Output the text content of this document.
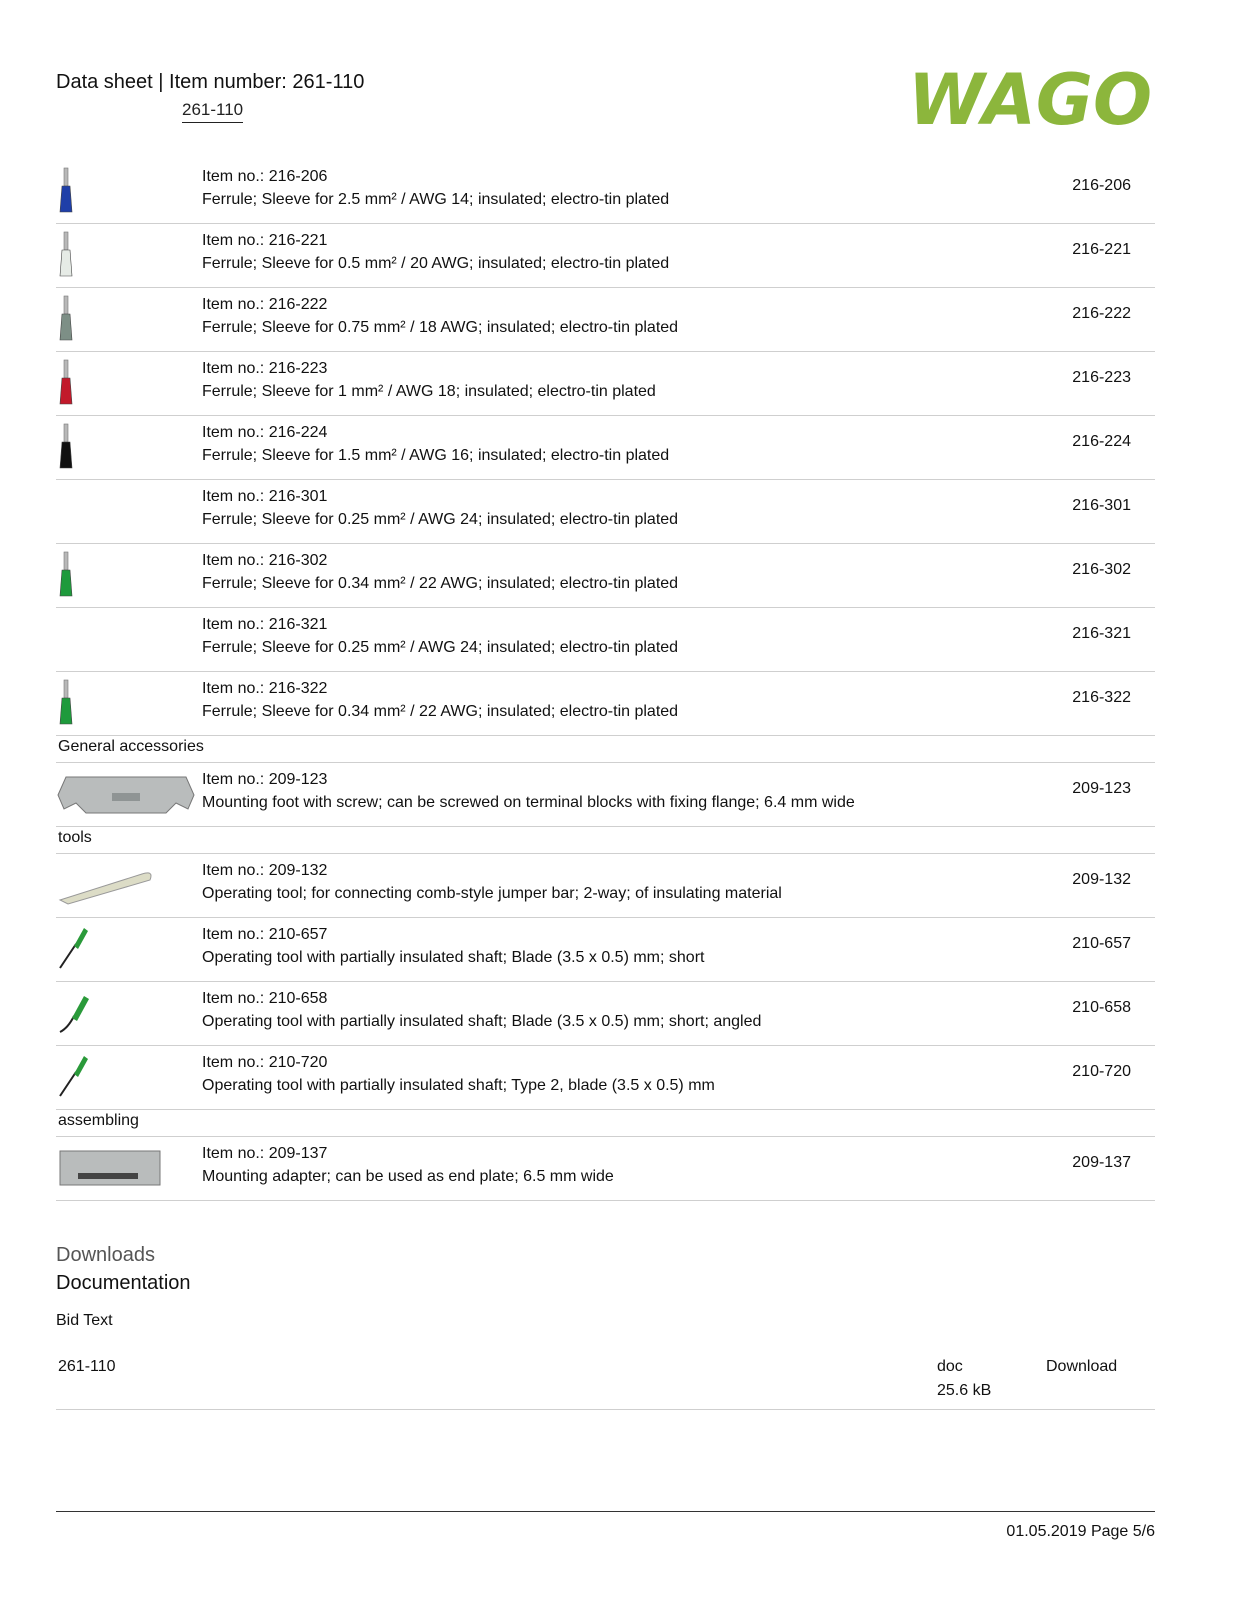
Data sheet | Item number: 261-110
261-110	WAGO
Item no.: 216-206
Ferrule; Sleeve for 2.5 mm² / AWG 14; insulated; electro-tin plated
216-206
Item no.: 216-221
Ferrule; Sleeve for 0.5 mm² / 20 AWG; insulated; electro-tin plated
216-221
Item no.: 216-222
Ferrule; Sleeve for 0.75 mm² / 18 AWG; insulated; electro-tin plated
216-222
Item no.: 216-223
Ferrule; Sleeve for 1 mm² / AWG 18; insulated; electro-tin plated
216-223
Item no.: 216-224
Ferrule; Sleeve for 1.5 mm² / AWG 16; insulated; electro-tin plated
216-224
Item no.: 216-301
Ferrule; Sleeve for 0.25 mm² / AWG 24; insulated; electro-tin plated
216-301
Item no.: 216-302
Ferrule; Sleeve for 0.34 mm² / 22 AWG; insulated; electro-tin plated
216-302
Item no.: 216-321
Ferrule; Sleeve for 0.25 mm² / AWG 24; insulated; electro-tin plated
216-321
Item no.: 216-322
Ferrule; Sleeve for 0.34 mm² / 22 AWG; insulated; electro-tin plated
216-322
General accessories
Item no.: 209-123
Mounting foot with screw; can be screwed on terminal blocks with fixing flange; 6.4 mm wide
209-123
tools
Item no.: 209-132
Operating tool; for connecting comb-style jumper bar; 2-way; of insulating material
209-132
Item no.: 210-657
Operating tool with partially insulated shaft; Blade (3.5 x 0.5) mm; short
210-657
Item no.: 210-658
Operating tool with partially insulated shaft; Blade (3.5 x 0.5) mm; short; angled
210-658
Item no.: 210-720
Operating tool with partially insulated shaft; Type 2, blade (3.5 x 0.5) mm
210-720
assembling
Item no.: 209-137
Mounting adapter; can be used as end plate; 6.5 mm wide
209-137
Downloads
Documentation
Bid Text
261-110	doc
25.6 kB
Download
01.05.2019 Page 5/6
